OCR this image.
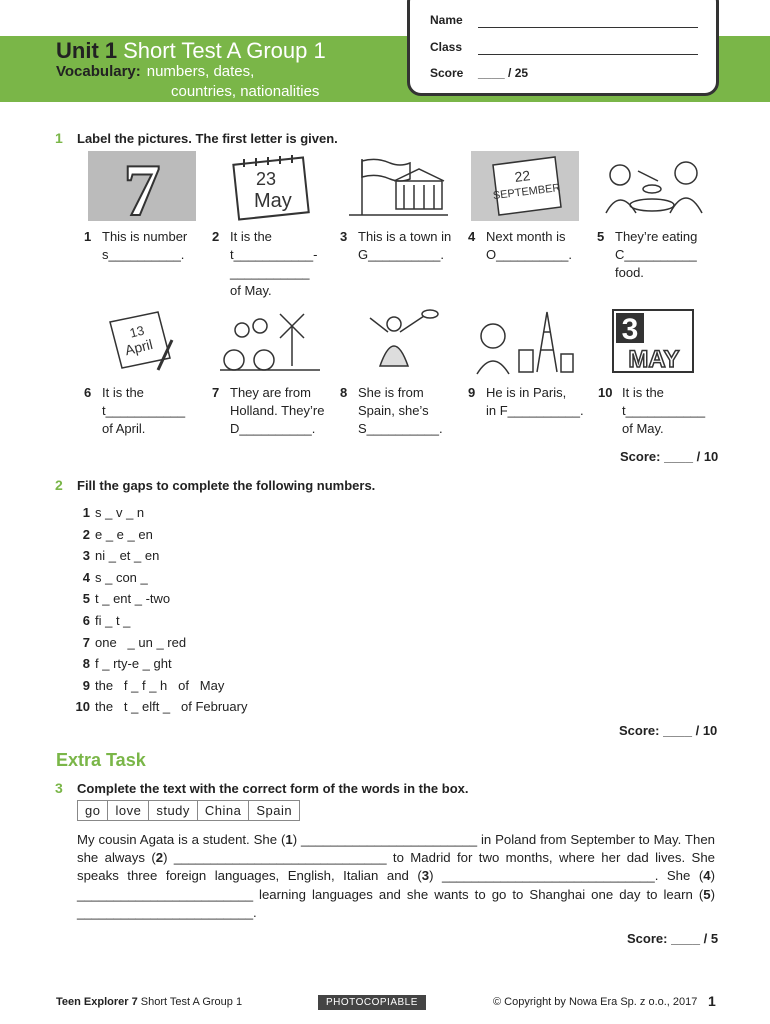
Unit 1 Short Test A Group 1
Vocabulary: numbers, dates,
countries, nationalities
Name
Class
Score ____ / 25
1 Label the pictures. The first letter is given.
7	23
May
22
SEPTEMBER
1 This is number
s__________.
2 It is the
t___________-
___________
of May.
3 This is a town in
G__________.
4 Next month is
O__________.
5 They’re eating
C__________
food.
13
April
3
MAY
6 It is the
t___________
of April.
7 They are from
Holland. They’re
D__________.
8 She is from
Spain, she’s
S__________.
9 He is in Paris,
in F__________.
10 It is the
t___________
of May.
Score: ____ / 10
2 Fill the gaps to complete the following numbers.
1 s _ v _ n
2 e _ e _ en
3 ni _ et _ en
4 s _ con _
5 t _ ent _ -two
6 fi _ t _
7 one   _ un _ red
8 f _ rty-e _ ght
9 the   f _ f _ h   of   May
10 the   t _ elft _   of February
Score: ____ / 10
Extra Task
3 Complete the text with the correct form of the words in the box.
go	love	study	China	Spain
My cousin Agata is a student. She (1) ________________________ in Poland from September to May. Then she always (2) _____________________________ to Madrid for two months, where her dad lives. She speaks three foreign languages, English, Italian and (3) _____________________________. She (4) ________________________ learning languages and she wants to go to Shanghai one day to learn (5) ________________________.
Score: ____ / 5
Teen Explorer 7 Short Test A Group 1	PHOTOCOPIABLE	© Copyright by Nowa Era Sp. z o.o., 2017 1
